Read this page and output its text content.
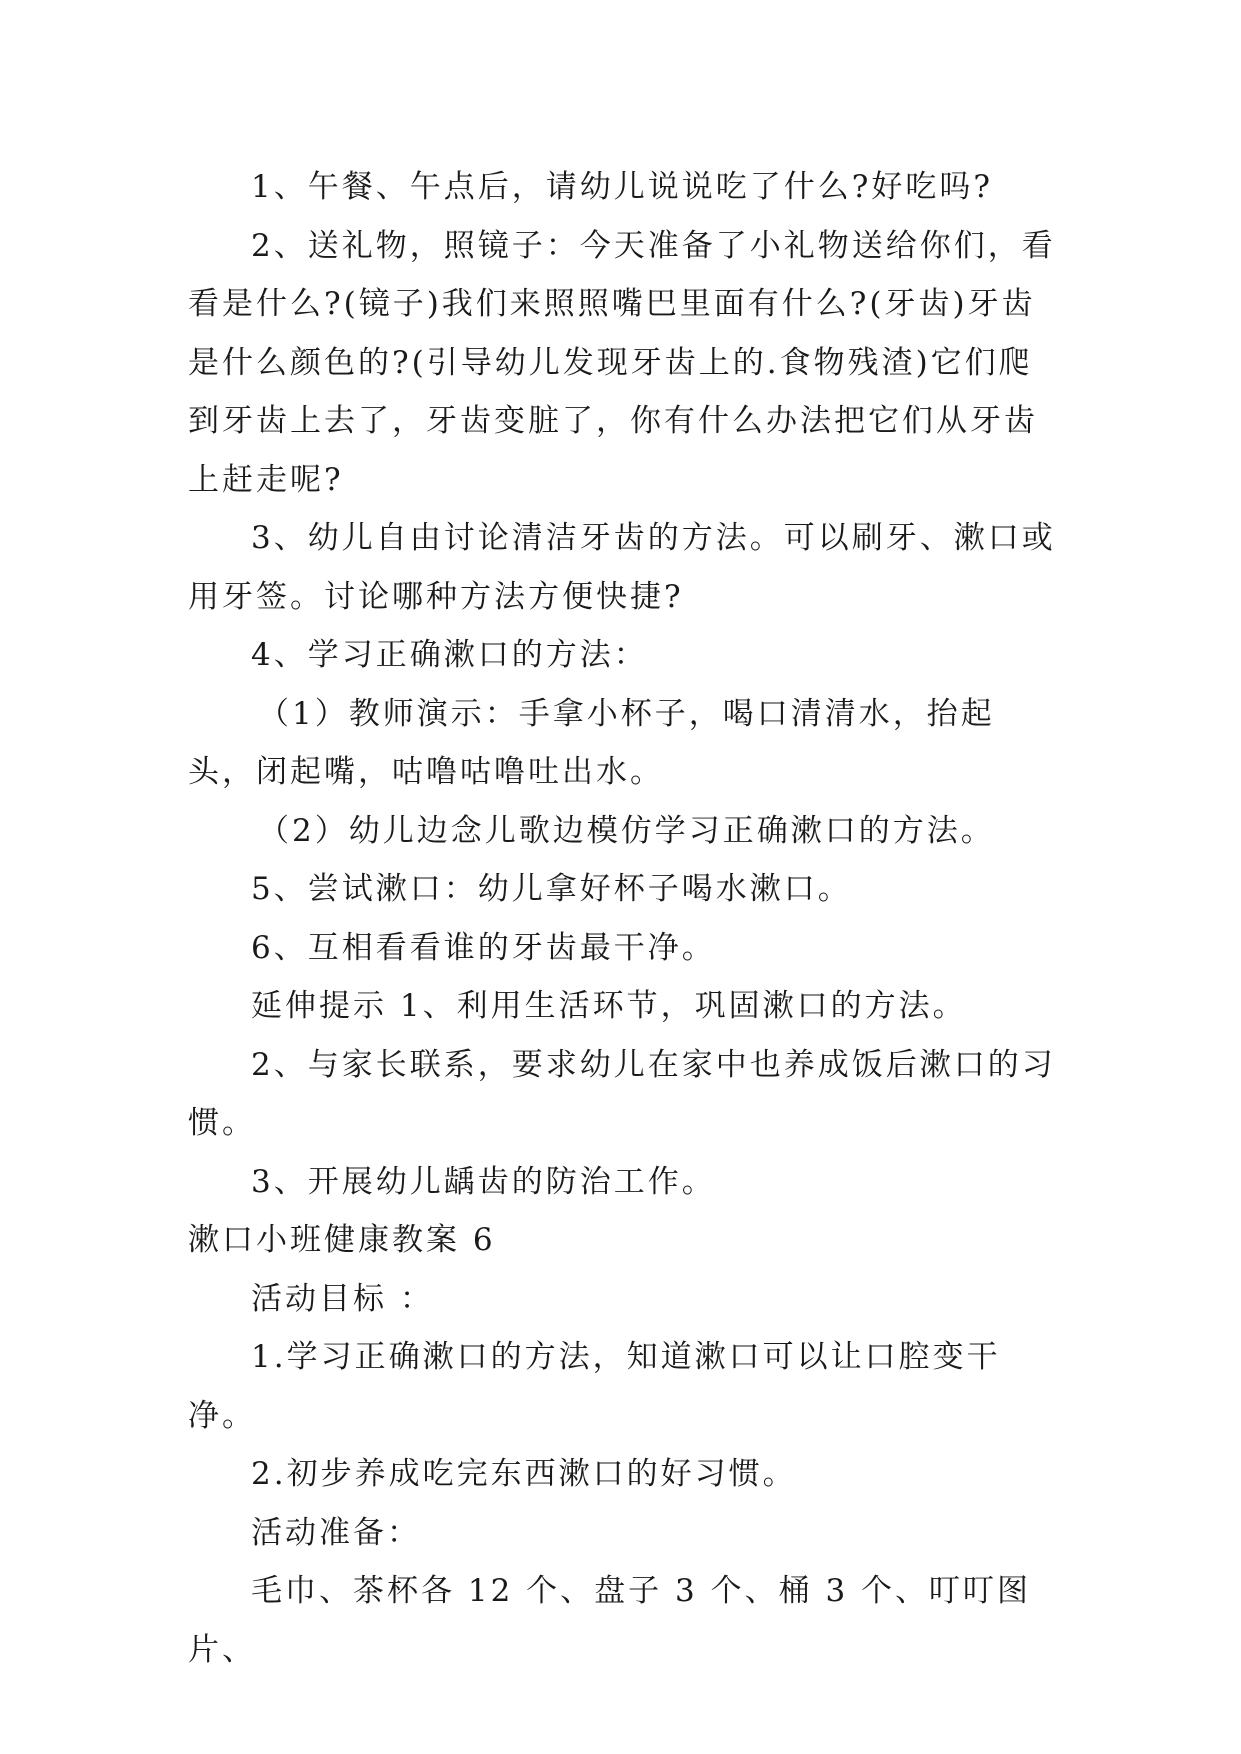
1、午餐、午点后，请幼儿说说吃了什么?好吃吗?

2、送礼物，照镜子：今天准备了小礼物送给你们，看看是什么?(镜子)我们来照照嘴巴里面有什么?(牙齿)牙齿是什么颜色的?(引导幼儿发现牙齿上的.食物残渣)它们爬到牙齿上去了，牙齿变脏了，你有什么办法把它们从牙齿上赶走呢?

3、幼儿自由讨论清洁牙齿的方法。可以刷牙、漱口或用牙签。讨论哪种方法方便快捷?

4、学习正确漱口的方法：

（1）教师演示：手拿小杯子，喝口清清水，抬起头，闭起嘴，咕噜咕噜吐出水。

（2）幼儿边念儿歌边模仿学习正确漱口的方法。

5、尝试漱口：幼儿拿好杯子喝水漱口。

6、互相看看谁的牙齿最干净。

延伸提示 1、利用生活环节，巩固漱口的方法。

2、与家长联系，要求幼儿在家中也养成饭后漱口的习惯。

3、开展幼儿龋齿的防治工作。

漱口小班健康教案 6

活动目标 ：

1.学习正确漱口的方法，知道漱口可以让口腔变干净。

2.初步养成吃完东西漱口的好习惯。

活动准备：

毛巾、茶杯各 12 个、盘子 3 个、桶 3 个、叮叮图片、
